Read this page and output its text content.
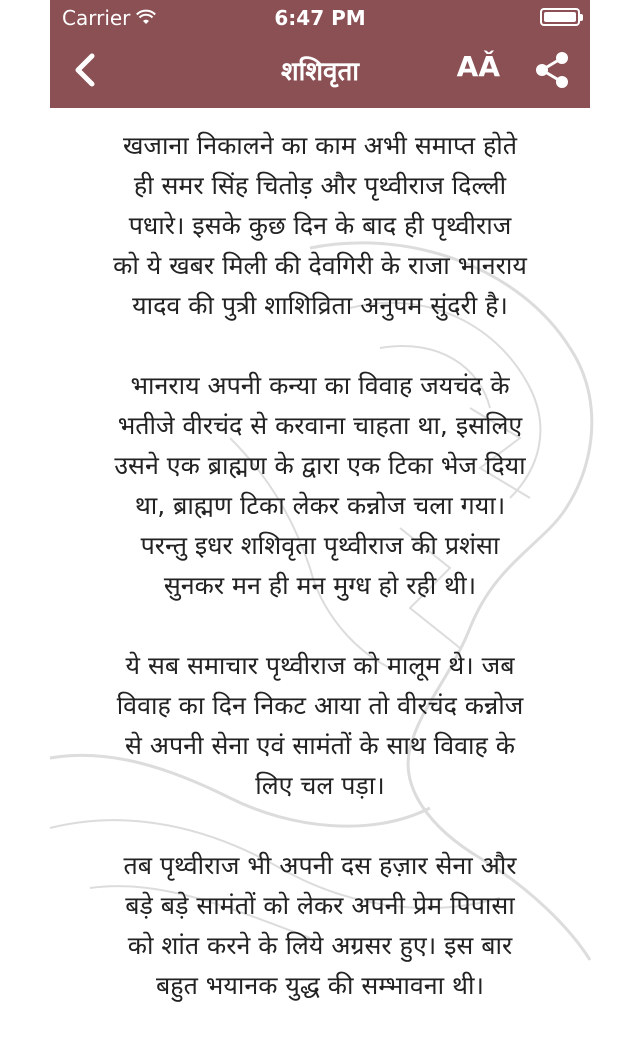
Carrier	6:47 PM
शशिवृता	AǍ

खजाना निकालने का काम अभी समाप्त होते
ही समर सिंह चितोड़ और पृथ्वीराज दिल्ली
पधारे। इसके कुछ दिन के बाद ही पृथ्वीराज
को ये खबर मिली की देवगिरी के राजा भानराय
यादव की पुत्री शाशिव्रिता अनुपम सुंदरी है।

भानराय अपनी कन्या का विवाह जयचंद के
भतीजे वीरचंद से करवाना चाहता था, इसलिए
उसने एक ब्राह्मण के द्वारा एक टिका भेज दिया
था, ब्राह्मण टिका लेकर कन्नोज चला गया।
परन्तु इधर शशिवृता पृथ्वीराज की प्रशंसा
सुनकर मन ही मन मुग्ध हो रही थी।

ये सब समाचार पृथ्वीराज को मालूम थे। जब
विवाह का दिन निकट आया तो वीरचंद कन्नोज
से अपनी सेना एवं सामंतों के साथ विवाह के
लिए चल पड़ा।

तब पृथ्वीराज भी अपनी दस हज़ार सेना और
बड़े बड़े सामंतों को लेकर अपनी प्रेम पिपासा
को शांत करने के लिये अग्रसर हुए। इस बार
बहुत भयानक युद्ध की सम्भावना थी।
